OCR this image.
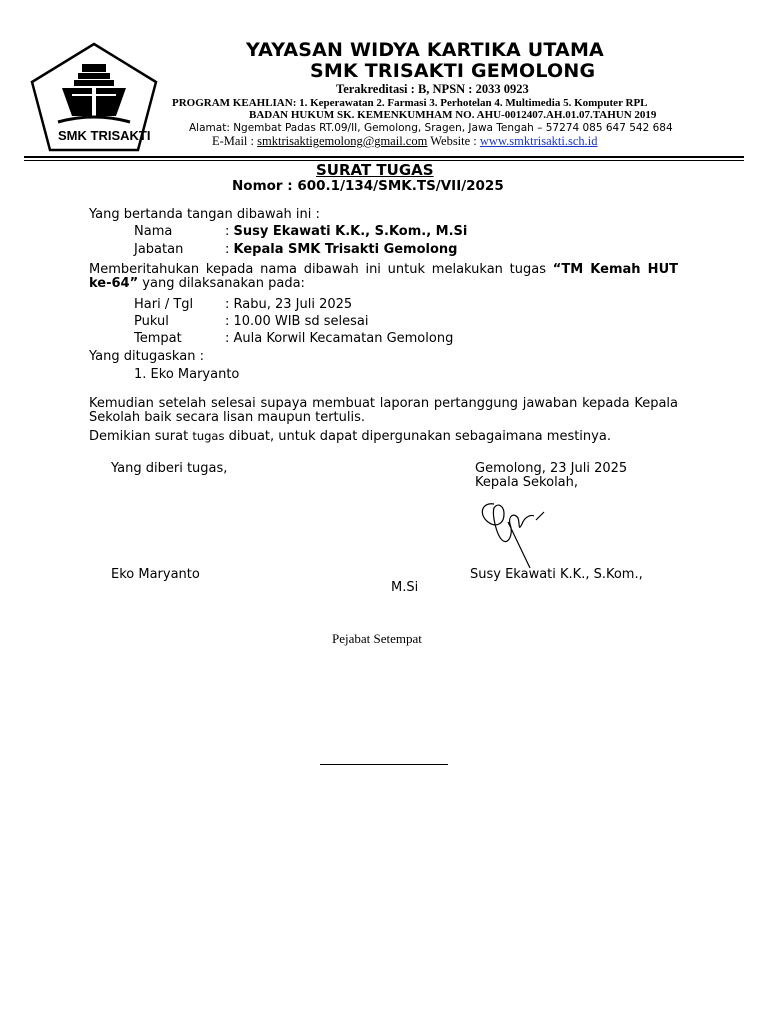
SMK TRISAKTI
YAYASAN WIDYA KARTIKA UTAMA
SMK TRISAKTI GEMOLONG
Terakreditasi : B, NPSN : 2033 0923
PROGRAM KEAHLIAN: 1. Keperawatan 2. Farmasi 3. Perhotelan 4. Multimedia 5. Komputer RPL
BADAN HUKUM SK. KEMENKUMHAM NO. AHU-0012407.AH.01.07.TAHUN 2019
Alamat: Ngembat Padas RT.09/II, Gemolong, Sragen, Jawa Tengah – 57274 085 647 542 684
E-Mail : smktrisaktigemolong@gmail.com Website : www.smktrisakti.sch.id
SURAT TUGAS
Nomor : 600.1/134/SMK.TS/VII/2025
Yang bertanda tangan dibawah ini :
Nama	: Susy Ekawati K.K., S.Kom., M.Si
Jabatan	: Kepala SMK Trisakti Gemolong
Memberitahukan kepada nama dibawah ini untuk melakukan tugas “TM Kemah HUT ke-64” yang dilaksanakan pada:
Hari / Tgl : Rabu, 23 Juli 2025
Pukul	: 10.00 WIB sd selesai
Tempat	: Aula Korwil Kecamatan Gemolong
Yang ditugaskan :
1. Eko Maryanto
Kemudian setelah selesai supaya membuat laporan pertanggung jawaban kepada Kepala Sekolah baik secara lisan maupun tertulis.
Demikian surat tugas dibuat, untuk dapat dipergunakan sebagaimana mestinya.
Yang diberi tugas,	Gemolong, 23 Juli 2025
Kepala Sekolah,
Eko Maryanto	Susy Ekawati K.K., S.Kom.,
M.Si
Pejabat Setempat
